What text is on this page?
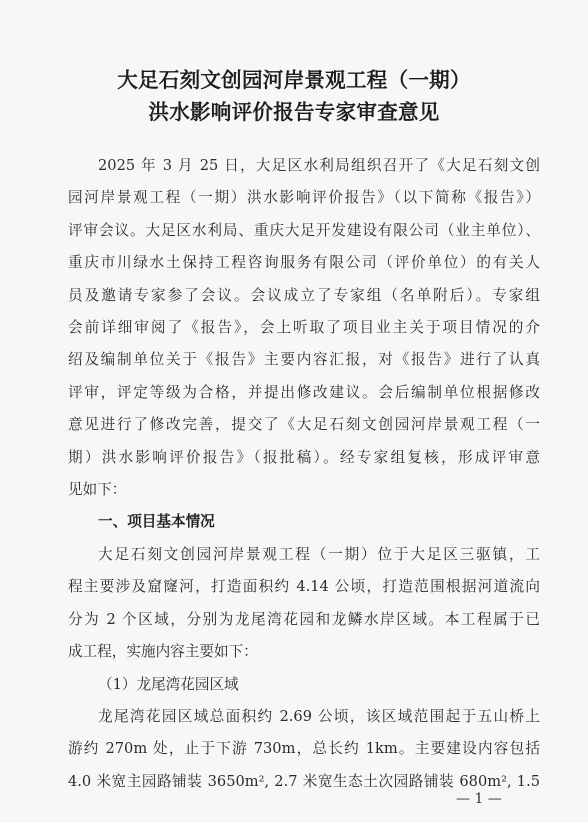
大足石刻文创园河岸景观工程（一期）
洪水影响评价报告专家审查意见

2025 年 3 月 25 日，大足区水利局组织召开了《大足石刻文创

园河岸景观工程（一期）洪水影响评价报告》（以下简称《报告》）

评审会议。大足区水利局、重庆大足开发建设有限公司（业主单位）、

重庆市川绿水土保持工程咨询服务有限公司（评价单位）的有关人

员及邀请专家参了会议。会议成立了专家组（名单附后）。专家组

会前详细审阅了《报告》，会上听取了项目业主关于项目情况的介

绍及编制单位关于《报告》主要内容汇报，对《报告》进行了认真

评审，评定等级为合格，并提出修改建议。会后编制单位根据修改

意见进行了修改完善，提交了《大足石刻文创园河岸景观工程（一

期）洪水影响评价报告》（报批稿）。经专家组复核，形成评审意

见如下：

一、项目基本情况

大足石刻文创园河岸景观工程（一期）位于大足区三驱镇，工

程主要涉及窟窿河，打造面积约 4.14 公顷，打造范围根据河道流向

分为 2 个区域，分别为龙尾湾花园和龙鳞水岸区域。本工程属于已

成工程，实施内容主要如下：

（1）龙尾湾花园区域

龙尾湾花园区域总面积约 2.69 公顷，该区域范围起于五山桥上

游约 270m 处，止于下游 730m，总长约 1km。主要建设内容包括

4.0 米宽主园路铺装 3650m², 2.7 米宽生态土次园路铺装 680m², 1.5

— 1 —
